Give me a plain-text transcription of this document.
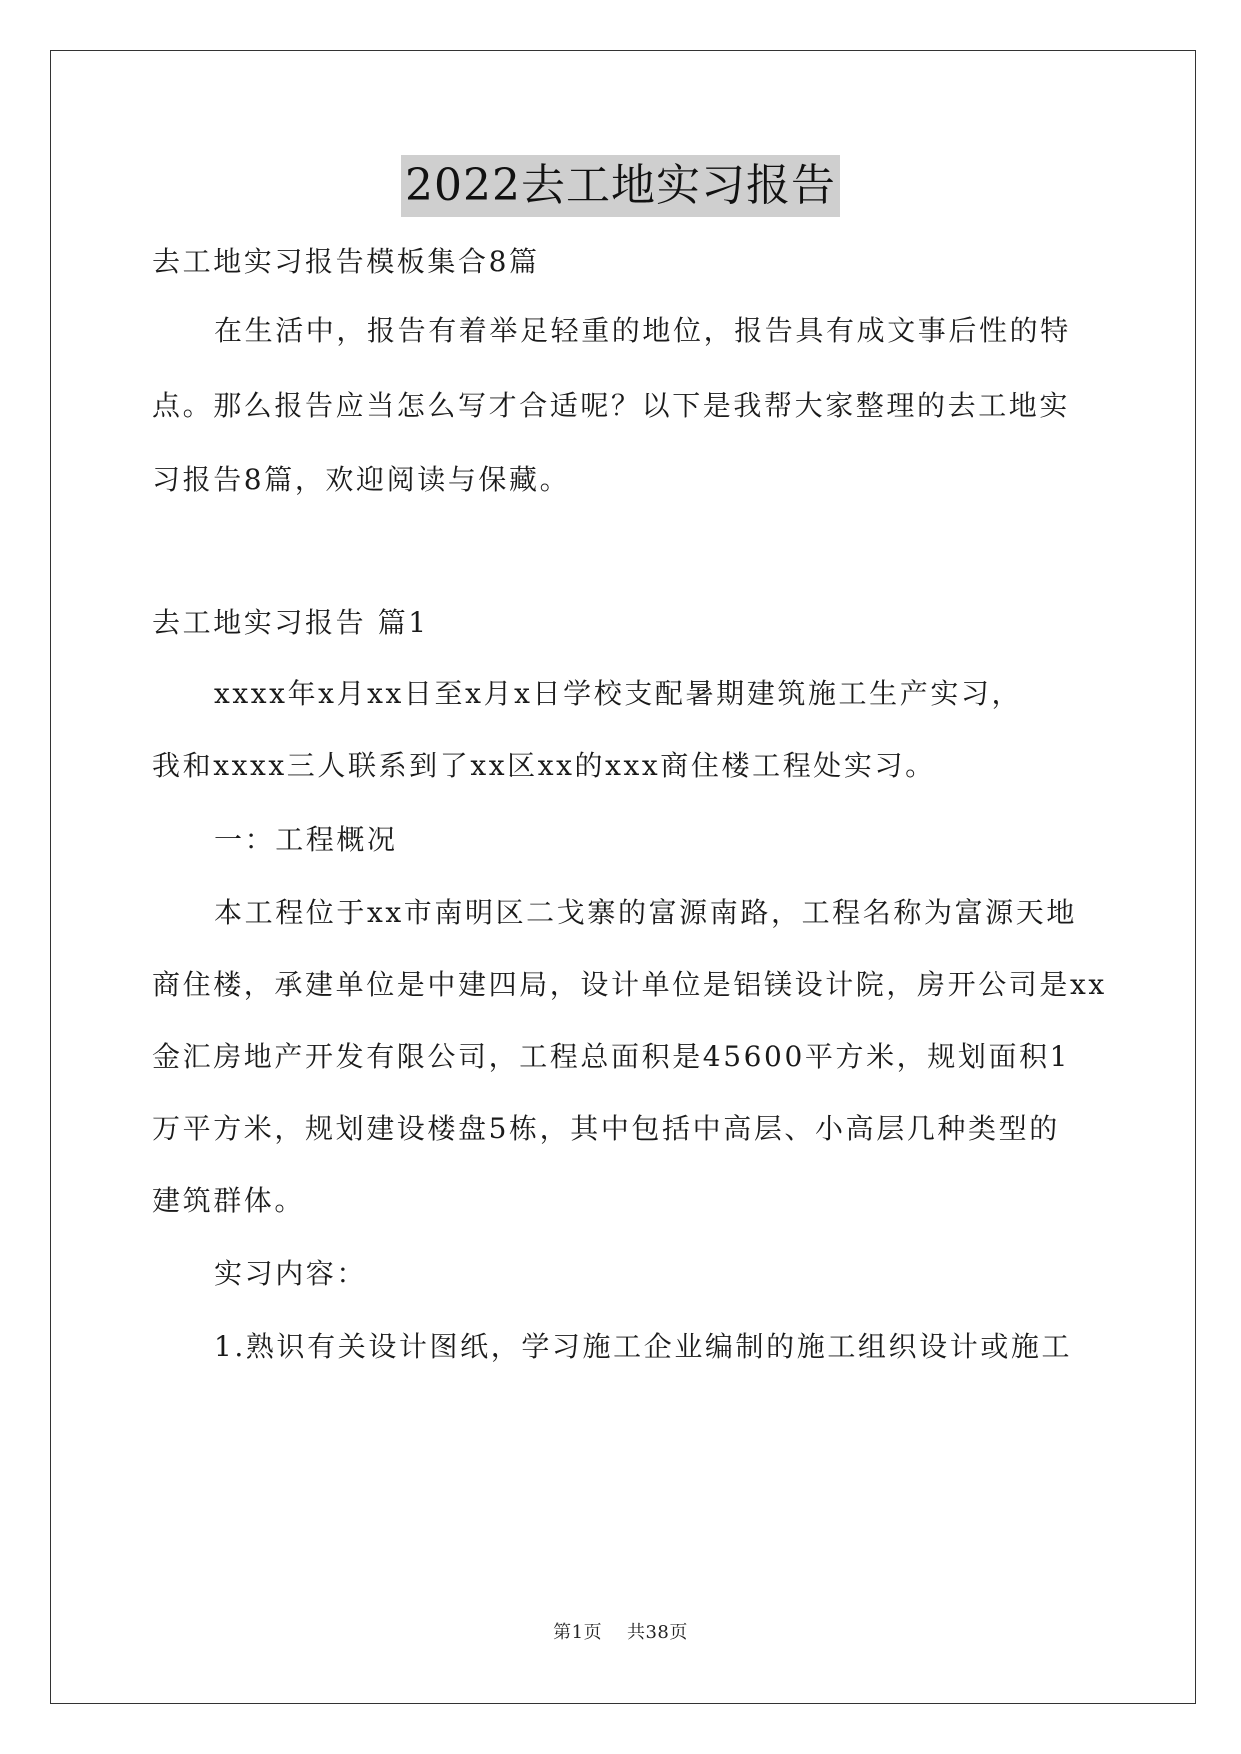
2022去工地实习报告
去工地实习报告模板集合8篇
在生活中，报告有着举足轻重的地位，报告具有成文事后性的特
点。那么报告应当怎么写才合适呢？以下是我帮大家整理的去工地实
习报告8篇，欢迎阅读与保藏。
去工地实习报告 篇1
xxxx年x月xx日至x月x日学校支配暑期建筑施工生产实习，
我和xxxx三人联系到了xx区xx的xxx商住楼工程处实习。
一：工程概况
本工程位于xx市南明区二戈寨的富源南路，工程名称为富源天地
商住楼，承建单位是中建四局，设计单位是铝镁设计院，房开公司是xx
金汇房地产开发有限公司，工程总面积是45600平方米，规划面积1
万平方米，规划建设楼盘5栋，其中包括中高层、小高层几种类型的
建筑群体。
实习内容：
1.熟识有关设计图纸，学习施工企业编制的施工组织设计或施工
第1页 共38页
